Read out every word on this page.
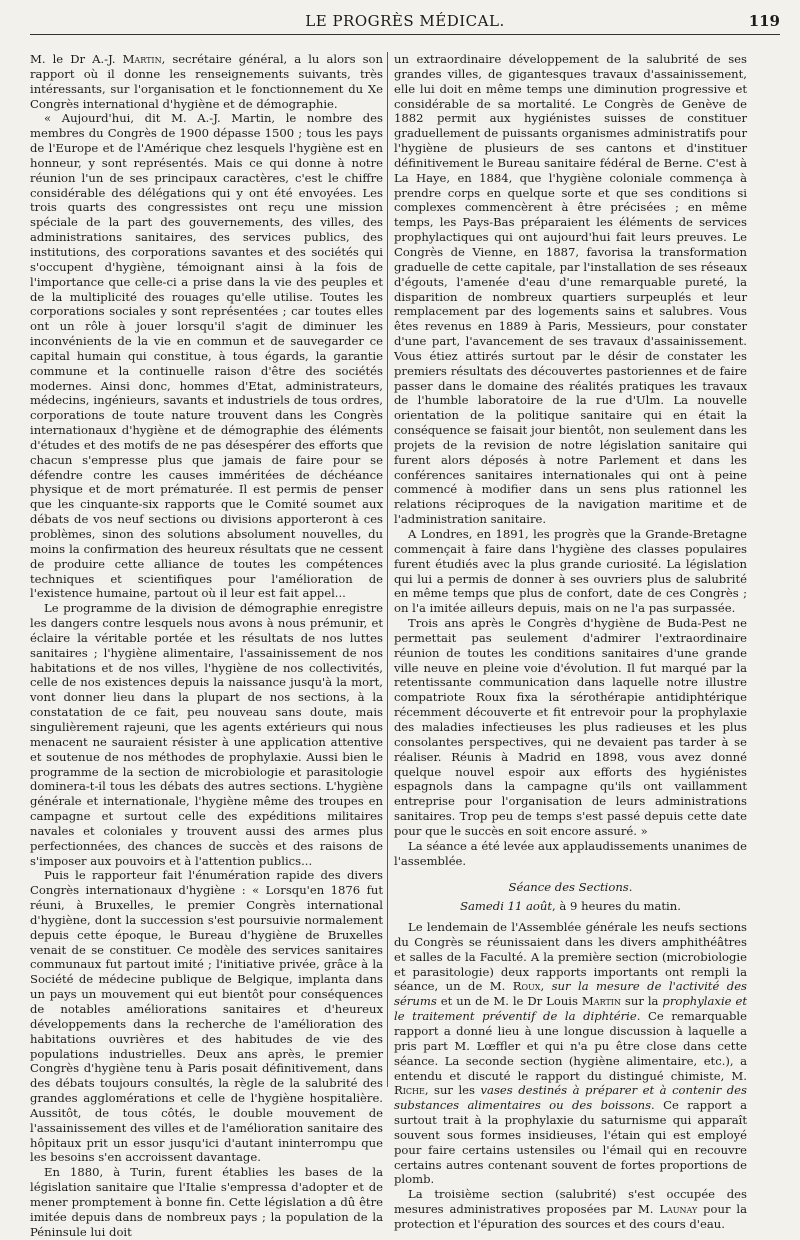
LE PROGRÈS MÉDICAL.	119

M. le Dr A.-J. Martin, secrétaire général, a lu alors son rapport où il donne les renseignements suivants, très intéressants, sur l'organisation et le fonctionnement du Xe Congrès international d'hygiène et de démographie.

« Aujourd'hui, dit M. A.-J. Martin, le nombre des membres du Congrès de 1900 dépasse 1500 ; tous les pays de l'Europe et de l'Amérique chez lesquels l'hygiène est en honneur, y sont représentés. Mais ce qui donne à notre réunion l'un de ses principaux caractères, c'est le chiffre considérable des délégations qui y ont été envoyées. Les trois quarts des congressistes ont reçu une mission spéciale de la part des gouvernements, des villes, des administrations sanitaires, des services publics, des institutions, des corporations savantes et des sociétés qui s'occupent d'hygiène, témoignant ainsi à la fois de l'importance que celle-ci a prise dans la vie des peuples et de la multiplicité des rouages qu'elle utilise. Toutes les corporations sociales y sont représentées ; car toutes elles ont un rôle à jouer lorsqu'il s'agit de diminuer les inconvénients de la vie en commun et de sauvegarder ce capital humain qui constitue, à tous égards, la garantie commune et la continuelle raison d'être des sociétés modernes. Ainsi donc, hommes d'Etat, administrateurs, médecins, ingénieurs, savants et industriels de tous ordres, corporations de toute nature trouvent dans les Congrès internationaux d'hygiène et de démographie des éléments d'études et des motifs de ne pas désespérer des efforts que chacun s'empresse plus que jamais de faire pour se défendre contre les causes imméritées de déchéance physique et de mort prématurée. Il est permis de penser que les cinquante-six rapports que le Comité soumet aux débats de vos neuf sections ou divisions apporteront à ces problèmes, sinon des solutions absolument nouvelles, du moins la confirmation des heureux résultats que ne cessent de produire cette alliance de toutes les compétences techniques et scientifiques pour l'amélioration de l'existence humaine, partout où il leur est fait appel...

Le programme de la division de démographie enregistre les dangers contre lesquels nous avons à nous prémunir, et éclaire la véritable portée et les résultats de nos luttes sanitaires ; l'hygiène alimentaire, l'assainissement de nos habitations et de nos villes, l'hygiène de nos collectivités, celle de nos existences depuis la naissance jusqu'à la mort, vont donner lieu dans la plupart de nos sections, à la constatation de ce fait, peu nouveau sans doute, mais singulièrement rajeuni, que les agents extérieurs qui nous menacent ne sauraient résister à une application attentive et soutenue de nos méthodes de prophylaxie. Aussi bien le programme de la section de microbiologie et parasitologie dominera-t-il tous les débats des autres sections. L'hygiène générale et internationale, l'hygiène même des troupes en campagne et surtout celle des expéditions militaires navales et coloniales y trouvent aussi des armes plus perfectionnées, des chances de succès et des raisons de s'imposer aux pouvoirs et à l'attention publics...

Puis le rapporteur fait l'énumération rapide des divers Congrès internationaux d'hygiène : « Lorsqu'en 1876 fut réuni, à Bruxelles, le premier Congrès international d'hygiène, dont la succession s'est poursuivie normalement depuis cette époque, le Bureau d'hygiène de Bruxelles venait de se constituer. Ce modèle des services sanitaires communaux fut partout imité ; l'initiative privée, grâce à la Société de médecine publique de Belgique, implanta dans un pays un mouvement qui eut bientôt pour conséquences de notables améliorations sanitaires et d'heureux développements dans la recherche de l'amélioration des habitations ouvrières et des habitudes de vie des populations industrielles. Deux ans après, le premier Congrès d'hygiène tenu à Paris posait définitivement, dans des débats toujours consultés, la règle de la salubrité des grandes agglomérations et celle de l'hygiène hospitalière. Aussitôt, de tous côtés, le double mouvement de l'assainissement des villes et de l'amélioration sanitaire des hôpitaux prit un essor jusqu'ici d'autant ininterrompu que les besoins s'en accroissent davantage.

En 1880, à Turin, furent établies les bases de la législation sanitaire que l'Italie s'empressa d'adopter et de mener promptement à bonne fin. Cette législation a dû être imitée depuis dans de nombreux pays ; la population de la Péninsule lui doit

un extraordinaire développement de la salubrité de ses grandes villes, de gigantesques travaux d'assainissement, elle lui doit en même temps une diminution progressive et considérable de sa mortalité. Le Congrès de Genève de 1882 permit aux hygiénistes suisses de constituer graduellement de puissants organismes administratifs pour l'hygiène de plusieurs de ses cantons et d'instituer définitivement le Bureau sanitaire fédéral de Berne. C'est à La Haye, en 1884, que l'hygiène coloniale commença à prendre corps en quelque sorte et que ses conditions si complexes commencèrent à être précisées ; en même temps, les Pays-Bas préparaient les éléments de services prophylactiques qui ont aujourd'hui fait leurs preuves. Le Congrès de Vienne, en 1887, favorisa la transformation graduelle de cette capitale, par l'installation de ses réseaux d'égouts, l'amenée d'eau d'une remarquable pureté, la disparition de nombreux quartiers surpeuplés et leur remplacement par des logements sains et salubres. Vous êtes revenus en 1889 à Paris, Messieurs, pour constater d'une part, l'avancement de ses travaux d'assainissement. Vous étiez attirés surtout par le désir de constater les premiers résultats des découvertes pastoriennes et de faire passer dans le domaine des réalités pratiques les travaux de l'humble laboratoire de la rue d'Ulm. La nouvelle orientation de la politique sanitaire qui en était la conséquence se faisait jour bientôt, non seulement dans les projets de la revision de notre législation sanitaire qui furent alors déposés à notre Parlement et dans les conférences sanitaires internationales qui ont à peine commencé à modifier dans un sens plus rationnel les relations réciproques de la navigation maritime et de l'administration sanitaire.

A Londres, en 1891, les progrès que la Grande-Bretagne commençait à faire dans l'hygiène des classes populaires furent étudiés avec la plus grande curiosité. La législation qui lui a permis de donner à ses ouvriers plus de salubrité en même temps que plus de confort, date de ces Congrès ; on l'a imitée ailleurs depuis, mais on ne l'a pas surpassée.

Trois ans après le Congrès d'hygiène de Buda-Pest ne permettait pas seulement d'admirer l'extraordinaire réunion de toutes les conditions sanitaires d'une grande ville neuve en pleine voie d'évolution. Il fut marqué par la retentissante communication dans laquelle notre illustre compatriote Roux fixa la sérothérapie antidiphtérique récemment découverte et fit entrevoir pour la prophylaxie des maladies infectieuses les plus radieuses et les plus consolantes perspectives, qui ne devaient pas tarder à se réaliser. Réunis à Madrid en 1898, vous avez donné quelque nouvel espoir aux efforts des hygiénistes espagnols dans la campagne qu'ils ont vaillamment entreprise pour l'organisation de leurs administrations sanitaires. Trop peu de temps s'est passé depuis cette date pour que le succès en soit encore assuré. »

La séance a été levée aux applaudissements unanimes de l'assemblée.

Séance des Sections.

Samedi 11 août, à 9 heures du matin.

Le lendemain de l'Assemblée générale les neufs sections du Congrès se réunissaient dans les divers amphithéâtres et salles de la Faculté. A la première section (microbiologie et parasitologie) deux rapports importants ont rempli la séance, un de M. Roux, sur la mesure de l'activité des sérums et un de M. le Dr Louis Martin sur la prophylaxie et le traitement préventif de la diphtérie. Ce remarquable rapport a donné lieu à une longue discussion à laquelle a pris part M. Lœffler et qui n'a pu être close dans cette séance. La seconde section (hygiène alimentaire, etc.), a entendu et discuté le rapport du distingué chimiste, M. Riche, sur les vases destinés à préparer et à contenir des substances alimentaires ou des boissons. Ce rapport a surtout trait à la prophylaxie du saturnisme qui apparaît souvent sous formes insidieuses, l'étain qui est employé pour faire certains ustensiles ou l'émail qui en recouvre certains autres contenant souvent de fortes proportions de plomb.

La troisième section (salubrité) s'est occupée des mesures administratives proposées par M. Launay pour la protection et l'épuration des sources et des cours d'eau.
